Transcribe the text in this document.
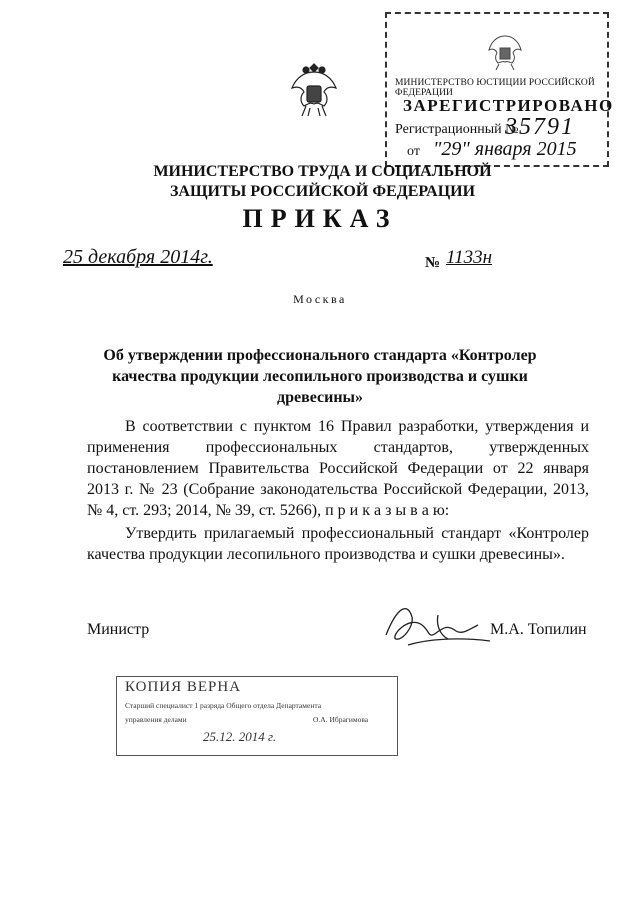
МИНИСТЕРСТВО ЮСТИЦИИ РОССИЙСКОЙ ФЕДЕРАЦИИ
ЗАРЕГИСТРИРОВАНО
Регистрационный №
35791
от "29" января 2015
МИНИСТЕРСТВО ТРУДА И СОЦИАЛЬНОЙ ЗАЩИТЫ РОССИЙСКОЙ ФЕДЕРАЦИИ
ПРИКАЗ
25 декабря 2014г.	№ 1133н
Москва
Об утверждении профессионального стандарта «Контролер качества продукции лесопильного производства и сушки древесины»
В соответствии с пунктом 16 Правил разработки, утверждения и применения профессиональных стандартов, утвержденных постановлением Правительства Российской Федерации от 22 января 2013 г. № 23 (Собрание законодательства Российской Федерации, 2013, № 4, ст. 293; 2014, № 39, ст. 5266), п р и к а з ы в а ю:
Утвердить прилагаемый профессиональный стандарт «Контролер качества продукции лесопильного производства и сушки древесины».
Министр	М.А. Топилин
КОПИЯ ВЕРНА
Старший специалист 1 разряда Общего отдела Департамента
управления делами	О.А. Ибрагимова
25.12. 2014 г.
